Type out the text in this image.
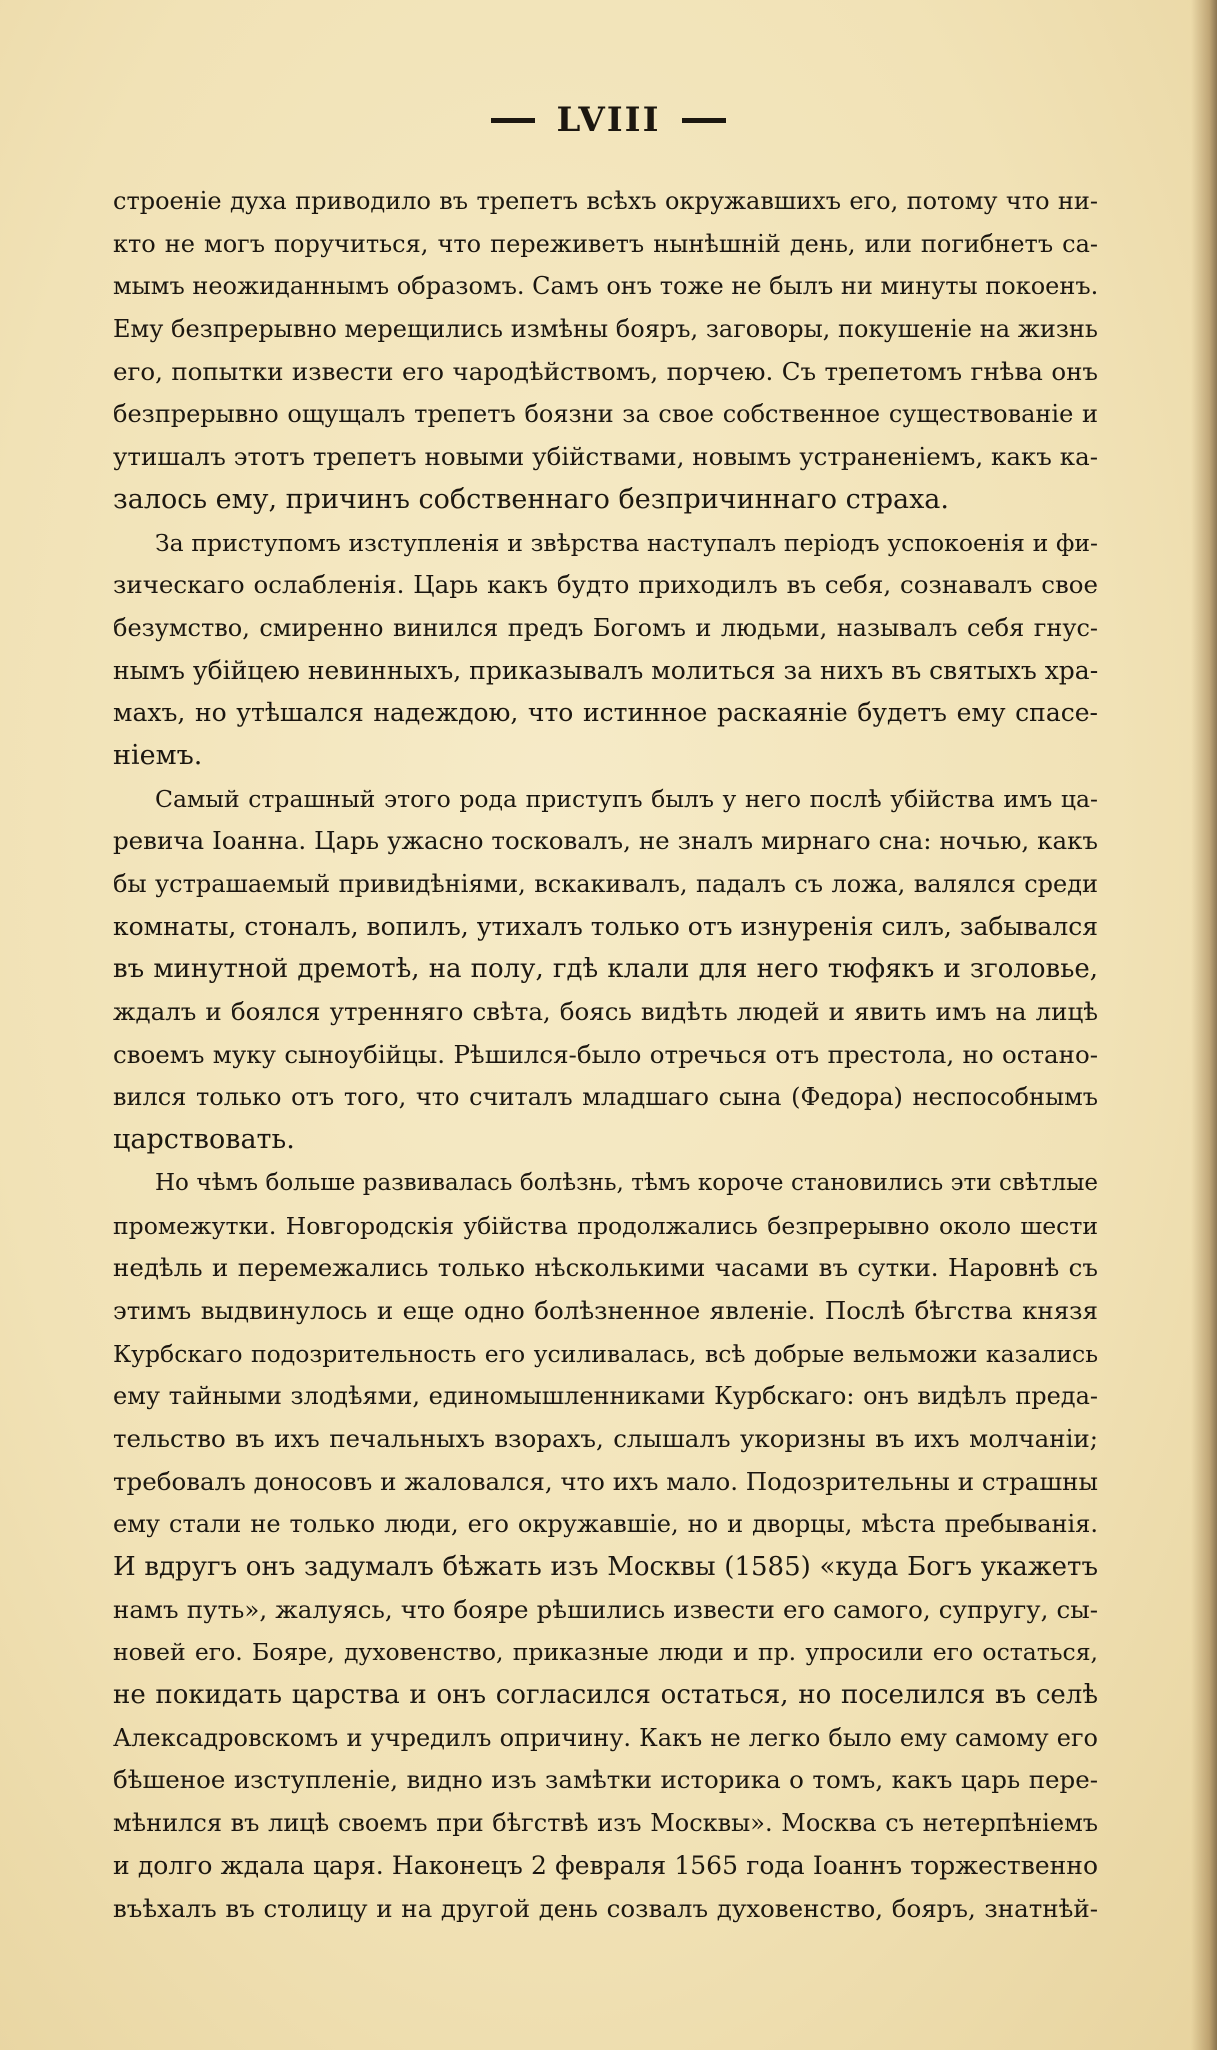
LVIII
строеніе духа приводило въ трепетъ всѣхъ окружавшихъ его, потому что ни-
кто не могъ поручиться, что переживетъ нынѣшній день, или погибнетъ са-
мымъ неожиданнымъ образомъ. Самъ онъ тоже не былъ ни минуты покоенъ.
Ему безпрерывно мерещились измѣны бояръ, заговоры, покушеніе на жизнь
его, попытки извести его чародѣйствомъ, порчею. Съ трепетомъ гнѣва онъ
безпрерывно ощущалъ трепетъ боязни за свое собственное существованіе и
утишалъ этотъ трепетъ новыми убійствами, новымъ устраненіемъ, какъ ка-
залось ему, причинъ собственнаго безпричиннаго страха.
За приступомъ изступленія и звѣрства наступалъ періодъ успокоенія и фи-
зическаго ослабленія. Царь какъ будто приходилъ въ себя, сознавалъ свое
безумство, смиренно винился предъ Богомъ и людьми, называлъ себя гнус-
нымъ убійцею невинныхъ, приказывалъ молиться за нихъ въ святыхъ хра-
махъ, но утѣшался надеждою, что истинное раскаяніе будетъ ему спасе-
ніемъ.
Самый страшный этого рода приступъ былъ у него послѣ убійства имъ ца-
ревича Іоанна. Царь ужасно тосковалъ, не зналъ мирнаго сна: ночью, какъ
бы устрашаемый привидѣніями, вскакивалъ, падалъ съ ложа, валялся среди
комнаты, стоналъ, вопилъ, утихалъ только отъ изнуренія силъ, забывался
въ минутной дремотѣ, на полу, гдѣ клали для него тюфякъ и зголовье,
ждалъ и боялся утренняго свѣта, боясь видѣть людей и явить имъ на лицѣ
своемъ муку сыноубійцы. Рѣшился-было отречься отъ престола, но остано-
вился только отъ того, что считалъ младшаго сына (Федора) неспособнымъ
царствовать.
Но чѣмъ больше развивалась болѣзнь, тѣмъ короче становились эти свѣтлые
промежутки. Новгородскія убійства продолжались безпрерывно около шести
недѣль и перемежались только нѣсколькими часами въ сутки. Наровнѣ съ
этимъ выдвинулось и еще одно болѣзненное явленіе. Послѣ бѣгства князя
Курбскаго подозрительность его усиливалась, всѣ добрые вельможи казались
ему тайными злодѣями, единомышленниками Курбскаго: онъ видѣлъ преда-
тельство въ ихъ печальныхъ взорахъ, слышалъ укоризны въ ихъ молчаніи;
требовалъ доносовъ и жаловался, что ихъ мало. Подозрительны и страшны
ему стали не только люди, его окружавшіе, но и дворцы, мѣста пребыванія.
И вдругъ онъ задумалъ бѣжать изъ Москвы (1585) «куда Богъ укажетъ
намъ путь», жалуясь, что бояре рѣшились извести его самого, супругу, сы-
новей его. Бояре, духовенство, приказные люди и пр. упросили его остаться,
не покидать царства и онъ согласился остаться, но поселился въ селѣ
Алексадровскомъ и учредилъ опричину. Какъ не легко было ему самому его
бѣшеное изступленіе, видно изъ замѣтки историка о томъ, какъ царь пере-
мѣнился въ лицѣ своемъ при бѣгствѣ изъ Москвы». Москва съ нетерпѣніемъ
и долго ждала царя. Наконецъ 2 февраля 1565 года Іоаннъ торжественно
въѣхалъ въ столицу и на другой день созвалъ духовенство, бояръ, знатнѣй-
